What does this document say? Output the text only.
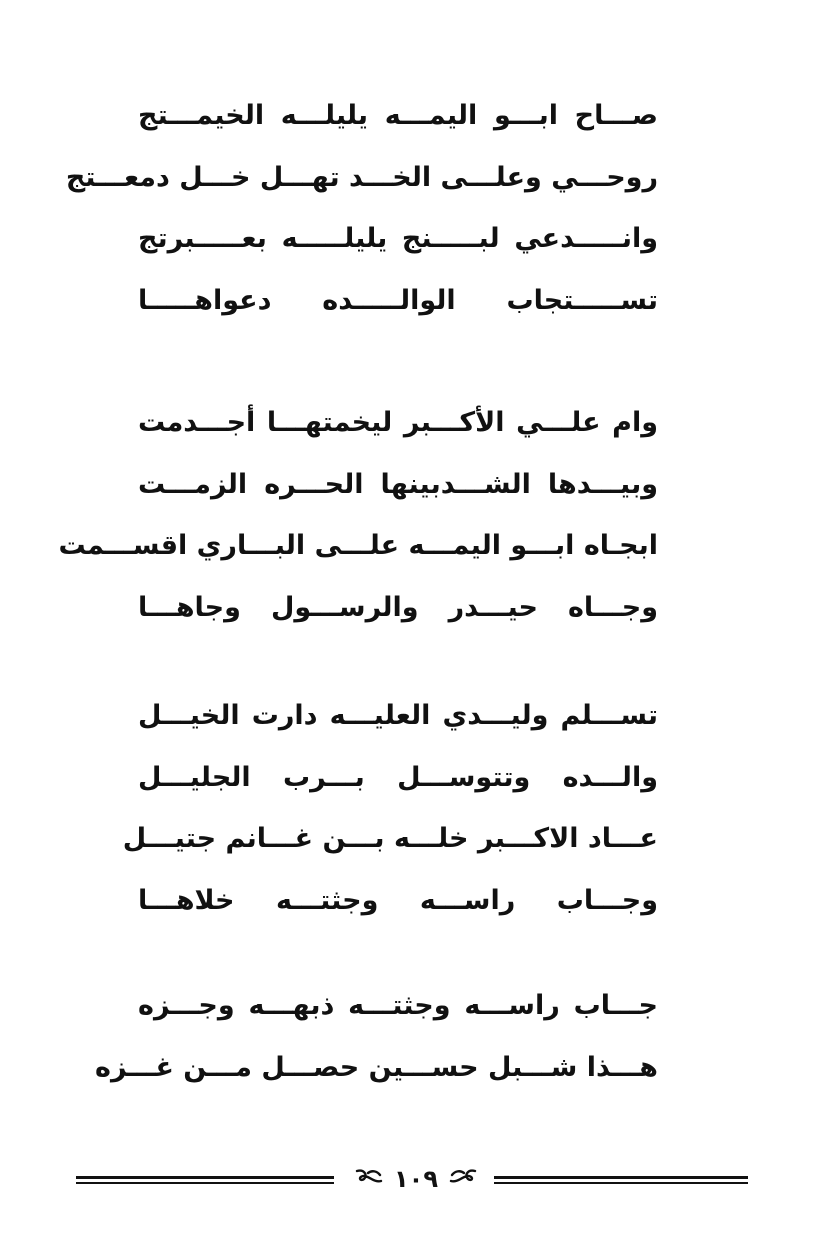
صـــاح ابـــو اليمـــه يليلـــه الخيمـــتج
روحـــي وعلـــى الخـــد تهـــل خـــل دمعـــتج
وانـــــدعي لبـــــنج يليلـــــه بعـــــبرتج
تســـــتجاب الوالـــــده دعواهـــــا
وام علـــي الأكـــبر ليخمتهـــا أجـــدمت
وبيـــدها الشـــدبينها الحـــره الزمـــت
ابجـاه ابـــو اليمـــه علـــى البـــاري اقســـمت
وجـــاه حيـــدر والرســـول وجاهـــا
تســـلم وليـــدي العليـــه دارت الخيـــل
والـــده وتتوســـل بـــرب الجليـــل
عـــاد الاكـــبر خلـــه بـــن غـــانم جتيـــل
وجـــاب راســـه وجثتـــه خلاهـــا
جـــاب راســـه وجثتـــه ذبهـــه وجـــزه
هـــذا شـــبل حســـين حصـــل مـــن غـــزه
١٠٩
